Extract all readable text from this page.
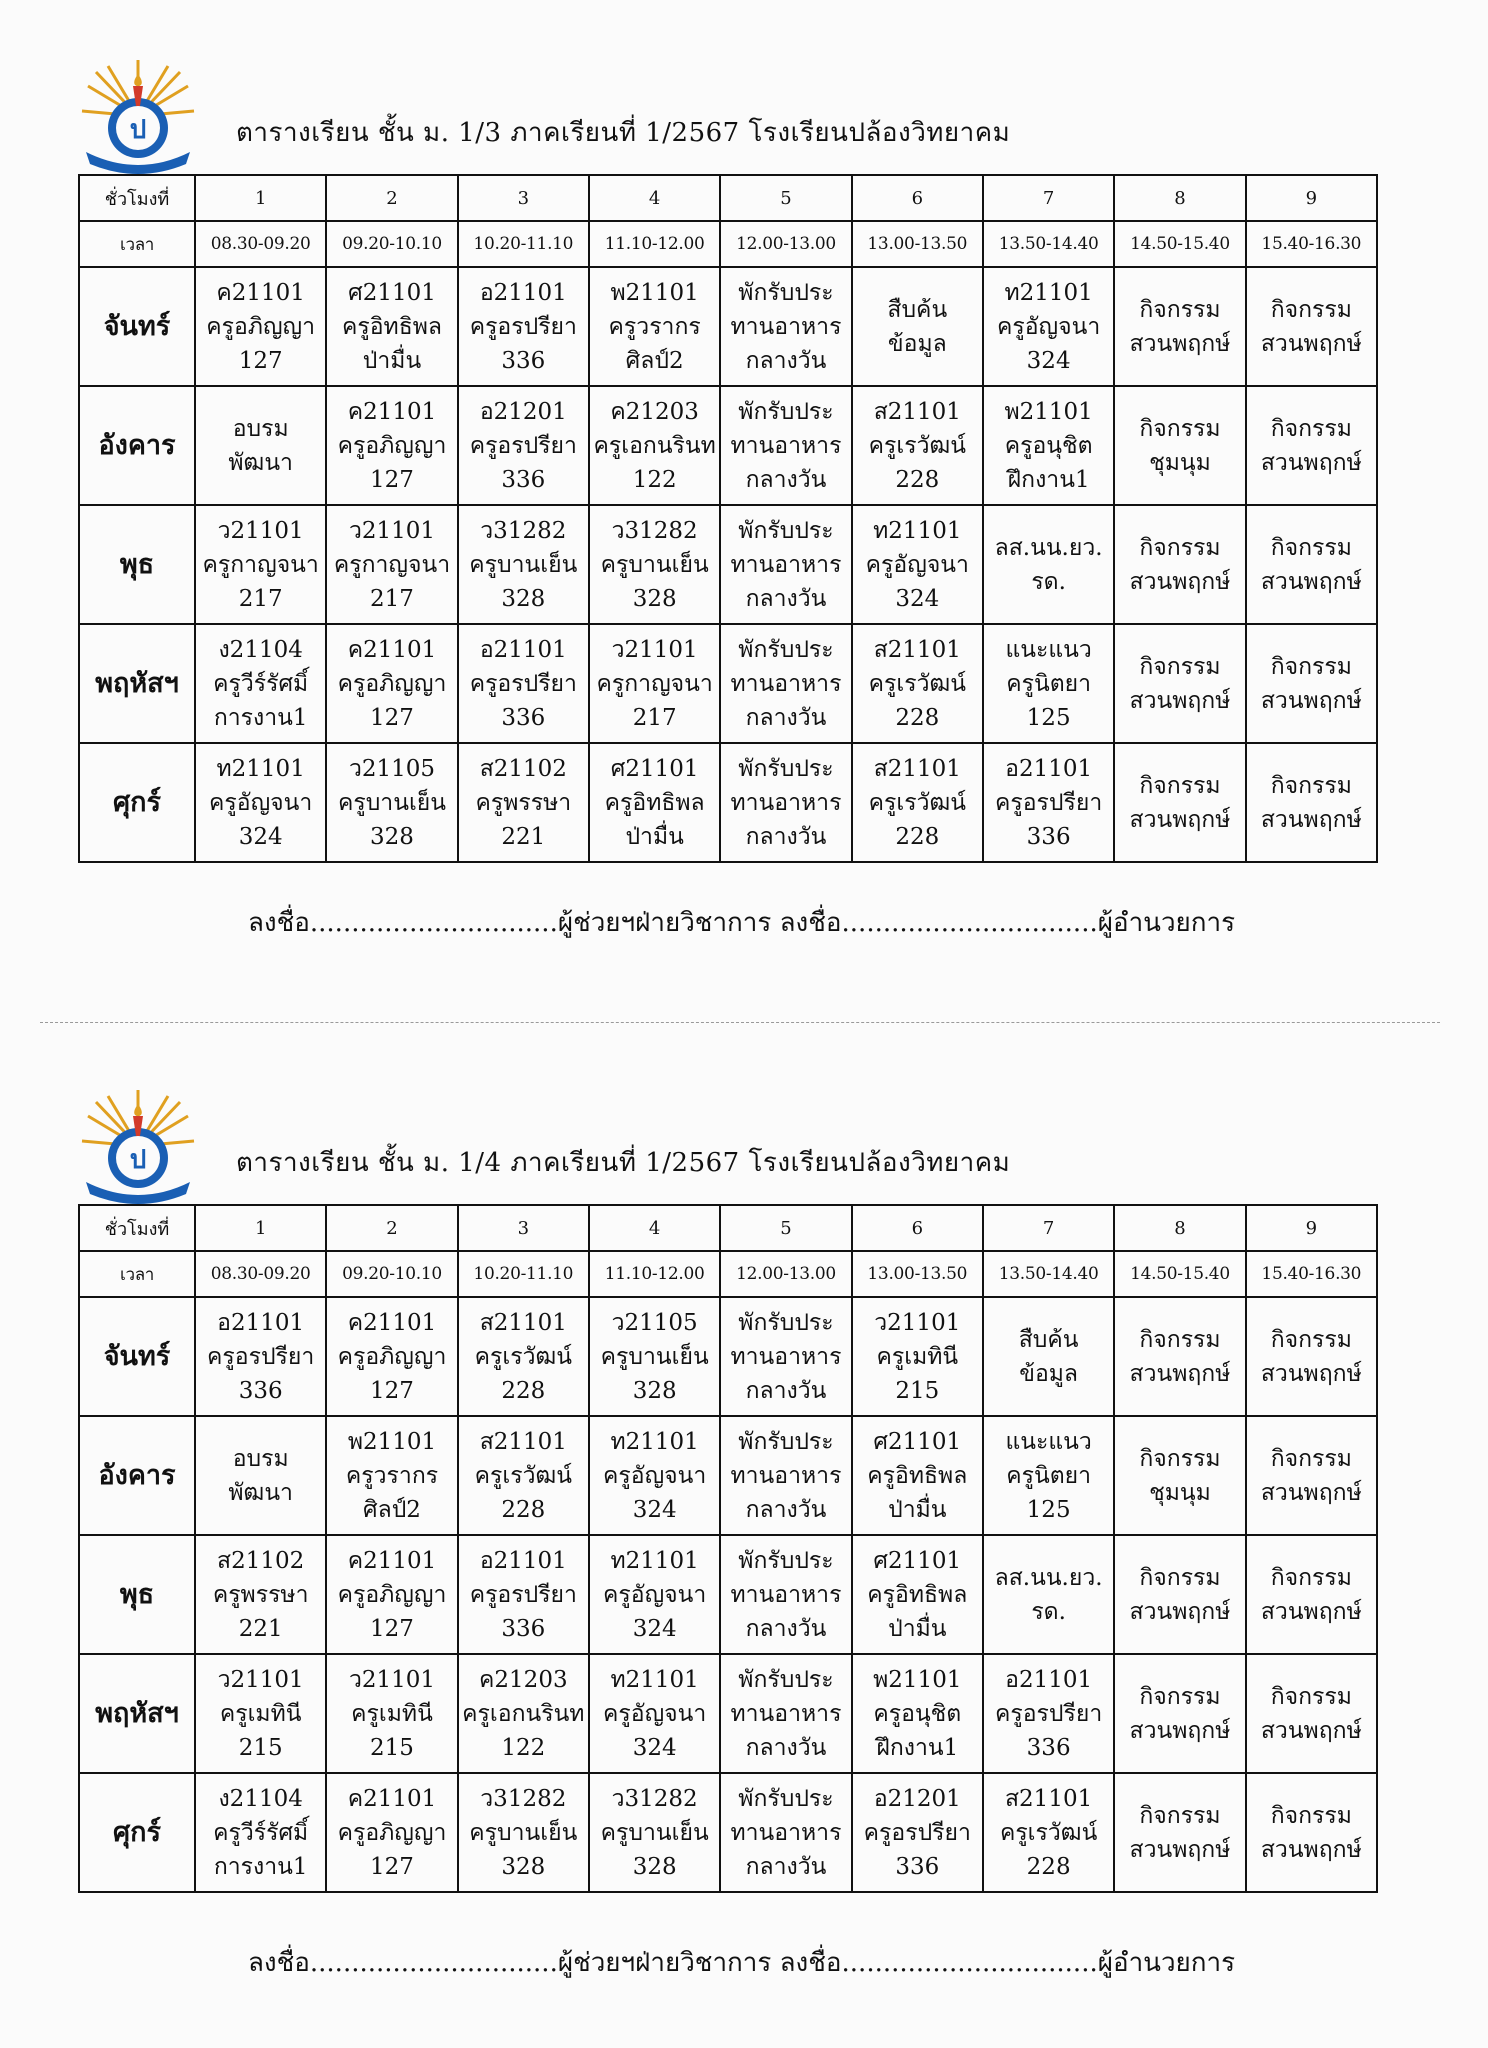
ป	ตารางเรียน ชั้น ม. 1/3 ภาคเรียนที่ 1/2567 โรงเรียนปล้องวิทยาคม
ชั่วโมงที่	1	2	3	4	5	6	7	8	9
เวลา	08.30-09.20	09.20-10.10	10.20-11.10	11.10-12.00	12.00-13.00	13.00-13.50	13.50-14.40	14.50-15.40	15.40-16.30
จันทร์	ค21101
ครูอภิญญา
127	ศ21101
ครูอิทธิพล
ป่ามื่น	อ21101
ครูอรปรียา
336	พ21101
ครูวรากร
ศิลป์2	พักรับประ
ทานอาหาร
กลางวัน	สืบค้น
ข้อมูล	ท21101
ครูอัญจนา
324	กิจกรรม
สวนพฤกษ์	กิจกรรม
สวนพฤกษ์

อังคาร	อบรม
พัฒนา	ค21101
ครูอภิญญา
127	อ21201
ครูอรปรียา
336	ค21203
ครูเอกนรินท
122	พักรับประ
ทานอาหาร
กลางวัน	ส21101
ครูเรวัฒน์
228	พ21101
ครูอนุชิต
ฝึกงาน1	กิจกรรม
ชุมนุม	กิจกรรม
สวนพฤกษ์

พุธ	ว21101
ครูกาญจนา
217	ว21101
ครูกาญจนา
217	ว31282
ครูบานเย็น
328	ว31282
ครูบานเย็น
328	พักรับประ
ทานอาหาร
กลางวัน	ท21101
ครูอัญจนา
324	ลส.นน.ยว.
รด.	กิจกรรม
สวนพฤกษ์	กิจกรรม
สวนพฤกษ์

พฤหัสฯ	ง21104
ครูวีร์รัศมิ์
การงาน1	ค21101
ครูอภิญญา
127	อ21101
ครูอรปรียา
336	ว21101
ครูกาญจนา
217	พักรับประ
ทานอาหาร
กลางวัน	ส21101
ครูเรวัฒน์
228	แนะแนว
ครูนิตยา
125	กิจกรรม
สวนพฤกษ์	กิจกรรม
สวนพฤกษ์

ศุกร์	ท21101
ครูอัญจนา
324	ว21105
ครูบานเย็น
328	ส21102
ครูพรรษา
221	ศ21101
ครูอิทธิพล
ป่ามื่น	พักรับประ
ทานอาหาร
กลางวัน	ส21101
ครูเรวัฒน์
228	อ21101
ครูอรปรียา
336	กิจกรรม
สวนพฤกษ์	กิจกรรม
สวนพฤกษ์
ลงชื่อ..............................ผู้ช่วยฯฝ่ายวิชาการ ลงชื่อ...............................ผู้อำนวยการ
ป	ตารางเรียน ชั้น ม. 1/4 ภาคเรียนที่ 1/2567 โรงเรียนปล้องวิทยาคม
ชั่วโมงที่	1	2	3	4	5	6	7	8	9
เวลา	08.30-09.20	09.20-10.10	10.20-11.10	11.10-12.00	12.00-13.00	13.00-13.50	13.50-14.40	14.50-15.40	15.40-16.30
จันทร์	อ21101
ครูอรปรียา
336	ค21101
ครูอภิญญา
127	ส21101
ครูเรวัฒน์
228	ว21105
ครูบานเย็น
328	พักรับประ
ทานอาหาร
กลางวัน	ว21101
ครูเมทินี
215	สืบค้น
ข้อมูล	กิจกรรม
สวนพฤกษ์	กิจกรรม
สวนพฤกษ์

อังคาร	อบรม
พัฒนา	พ21101
ครูวรากร
ศิลป์2	ส21101
ครูเรวัฒน์
228	ท21101
ครูอัญจนา
324	พักรับประ
ทานอาหาร
กลางวัน	ศ21101
ครูอิทธิพล
ป่ามื่น	แนะแนว
ครูนิตยา
125	กิจกรรม
ชุมนุม	กิจกรรม
สวนพฤกษ์

พุธ	ส21102
ครูพรรษา
221	ค21101
ครูอภิญญา
127	อ21101
ครูอรปรียา
336	ท21101
ครูอัญจนา
324	พักรับประ
ทานอาหาร
กลางวัน	ศ21101
ครูอิทธิพล
ป่ามื่น	ลส.นน.ยว.
รด.	กิจกรรม
สวนพฤกษ์	กิจกรรม
สวนพฤกษ์

พฤหัสฯ	ว21101
ครูเมทินี
215	ว21101
ครูเมทินี
215	ค21203
ครูเอกนรินท
122	ท21101
ครูอัญจนา
324	พักรับประ
ทานอาหาร
กลางวัน	พ21101
ครูอนุชิต
ฝึกงาน1	อ21101
ครูอรปรียา
336	กิจกรรม
สวนพฤกษ์	กิจกรรม
สวนพฤกษ์

ศุกร์	ง21104
ครูวีร์รัศมิ์
การงาน1	ค21101
ครูอภิญญา
127	ว31282
ครูบานเย็น
328	ว31282
ครูบานเย็น
328	พักรับประ
ทานอาหาร
กลางวัน	อ21201
ครูอรปรียา
336	ส21101
ครูเรวัฒน์
228	กิจกรรม
สวนพฤกษ์	กิจกรรม
สวนพฤกษ์
ลงชื่อ..............................ผู้ช่วยฯฝ่ายวิชาการ ลงชื่อ...............................ผู้อำนวยการ
